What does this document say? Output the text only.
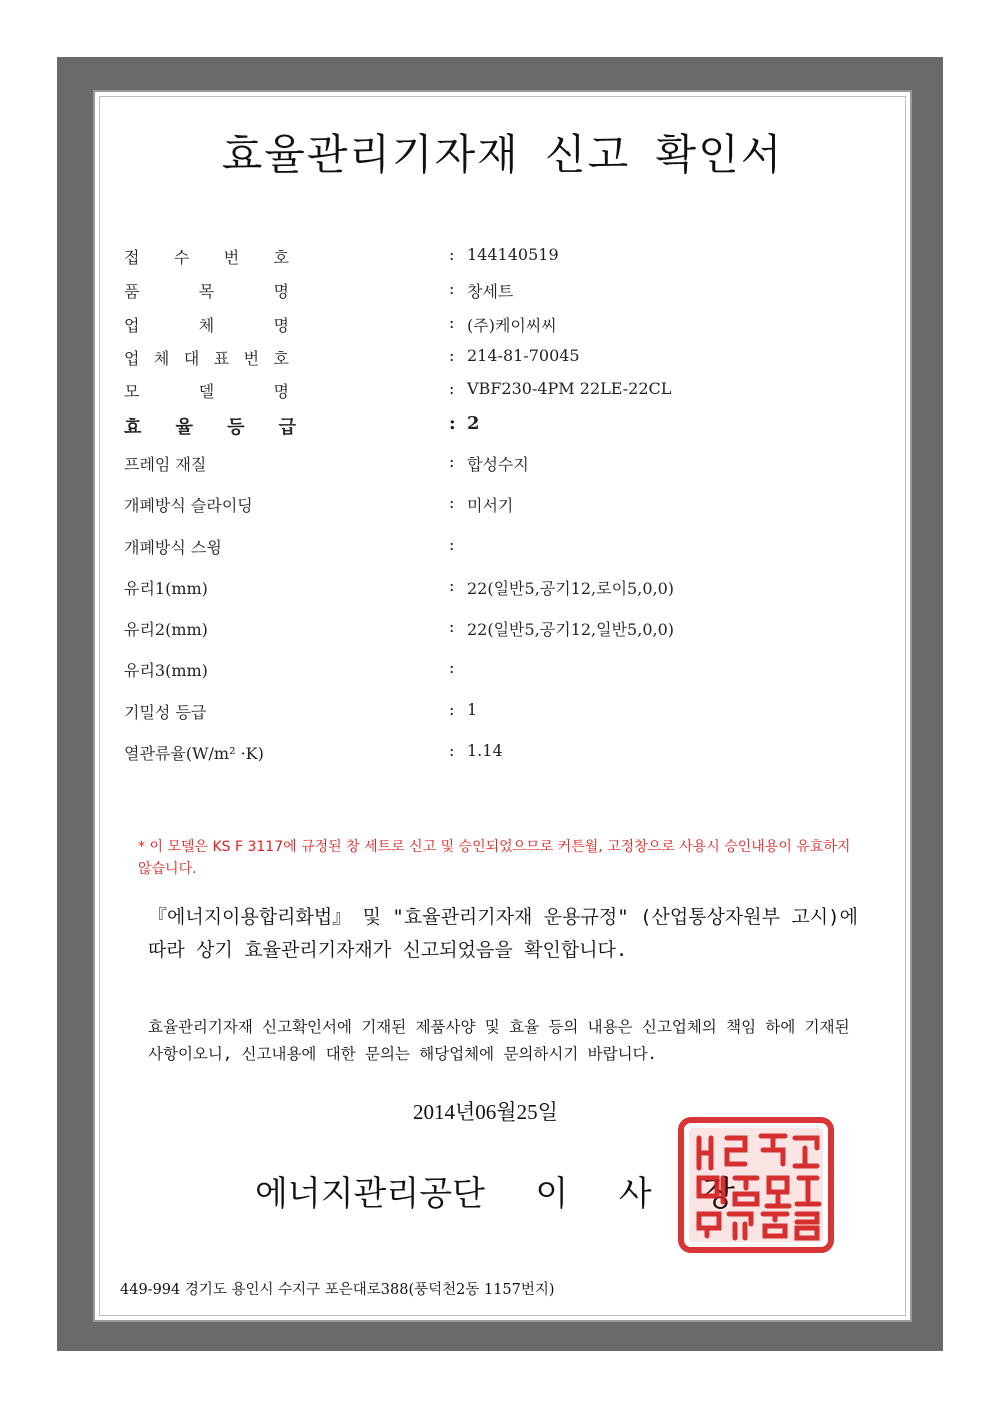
효율관리기자재 신고 확인서
접 수 번 호	: 144140519
품	목	명	: 창세트
업	체	명	: (주)케이씨씨
업 체 대 표 번 호	: 214-81-70045
모	델	명	: VBF230-4PM 22LE-22CL
효 율 등 급	: 2
프레임 재질	: 합성수지
개폐방식 슬라이딩	: 미서기
개폐방식 스윙	:
유리1(mm)	: 22(일반5,공기12,로이5,0,0)
유리2(mm)	: 22(일반5,공기12,일반5,0,0)
유리3(mm)	:
기밀성 등급	: 1
열관류율(W/m² ·K)	: 1.14
* 이 모델은 KS F 3117에 규정된 창 세트로 신고 및 승인되었으므로 커튼월, 고정창으로 사용시 승인내용이 유효하지 않습니다.
『에너지이용합리화법』 및 "효율관리기자재 운용규정" (산업통상자원부 고시)에 따라 상기 효율관리기자재가 신고되었음을 확인합니다.
효율관리기자재 신고확인서에 기재된 제품사양 및 효율 등의 내용은 신고업체의 책임 하에 기재된 사항이오니, 신고내용에 대한 문의는 해당업체에 문의하시기 바랍니다.
2014년06월25일
에너지관리공단 이 사 장
449-994 경기도 용인시 수지구 포은대로388(풍덕천2동 1157번지)
